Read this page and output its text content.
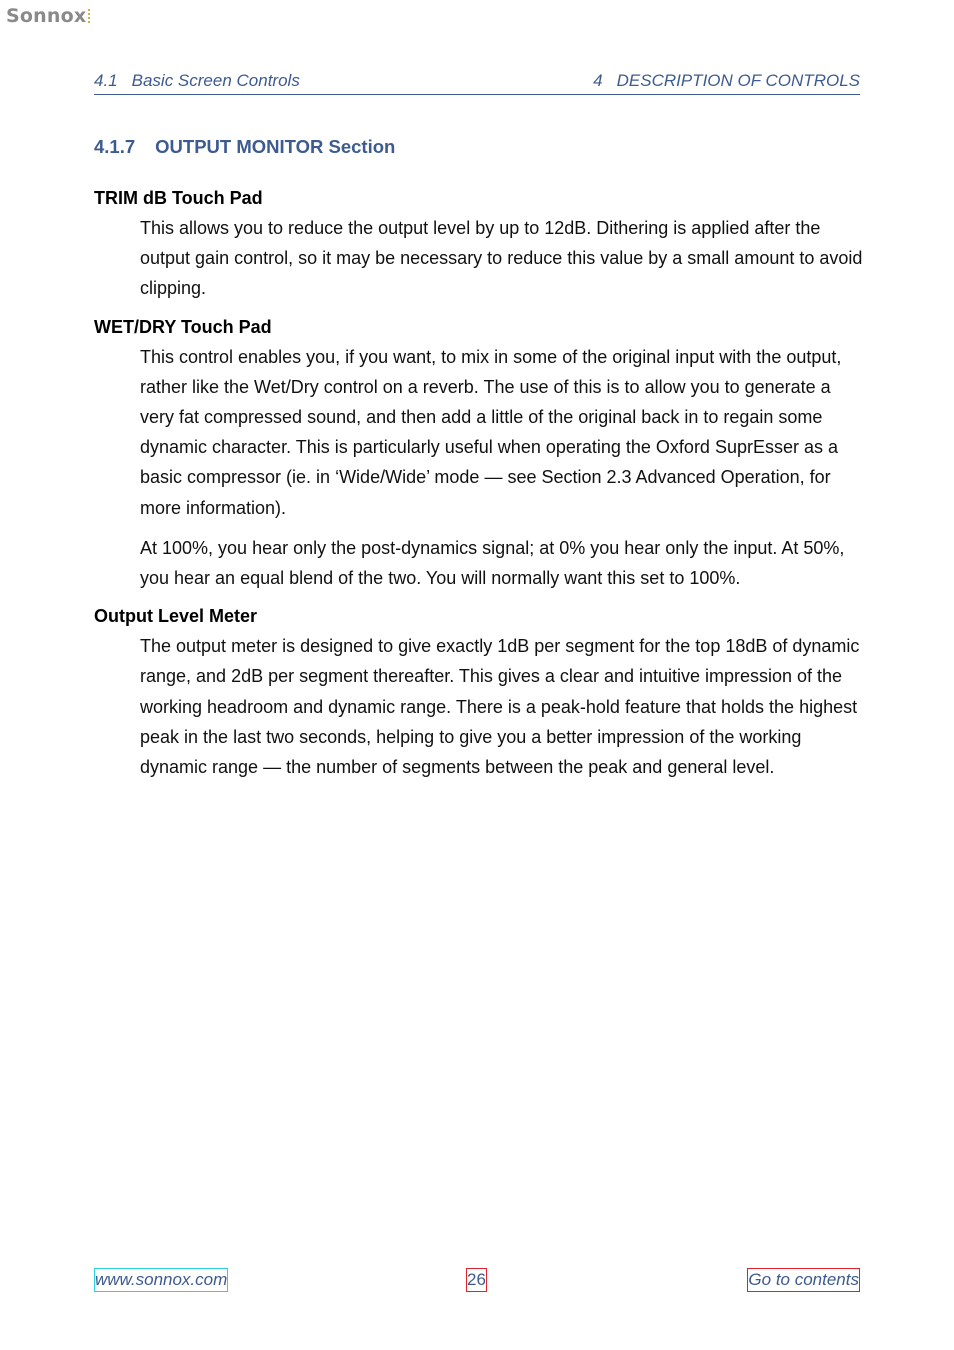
Sonnox
4.1 Basic Screen Controls	4 DESCRIPTION OF CONTROLS
4.1.7 OUTPUT MONITOR Section

TRIM dB Touch Pad

This allows you to reduce the output level by up to 12dB. Dithering is applied after the output gain control, so it may be necessary to reduce this value by a small amount to avoid clipping.

WET/DRY Touch Pad

This control enables you, if you want, to mix in some of the original input with the output, rather like the Wet/Dry control on a reverb. The use of this is to allow you to generate a very fat compressed sound, and then add a little of the original back in to regain some dynamic character. This is particularly useful when operating the Oxford SuprEsser as a basic compressor (ie. in ‘Wide/Wide’ mode — see Section 2.3 Advanced Operation, for more information).

At 100%, you hear only the post-dynamics signal; at 0% you hear only the input. At 50%, you hear an equal blend of the two. You will normally want this set to 100%.

Output Level Meter

The output meter is designed to give exactly 1dB per segment for the top 18dB of dynamic range, and 2dB per segment thereafter. This gives a clear and intuitive impression of the working headroom and dynamic range. There is a peak-hold feature that holds the highest peak in the last two seconds, helping to give you a better impression of the working dynamic range — the number of segments between the peak and general level.

www.sonnox.com	26	Go to contents
